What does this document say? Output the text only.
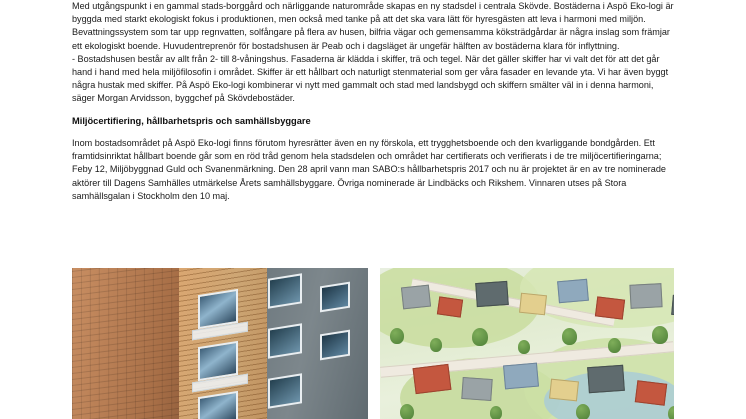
Med utgångspunkt i en gammal stads-borggård och närliggande naturområde skapas en ny stadsdel i centrala Skövde. Bostäderna i Aspö Eko-logi är byggda med starkt ekologiskt fokus i produktionen, men också med tanke på att det ska vara lätt för hyresgästen att leva i harmoni med miljön. Bevattningssystem som tar upp regnvatten, solfångare på flera av husen, bilfria vägar och gemensamma köksträdgårdar är några inslag som främjar ett ekologiskt boende. Huvudentreprenör för bostadshusen är Peab och i dagsläget är ungefär hälften av bostäderna klara för inflyttning.

- Bostadshusen består av allt från 2- till 8-våningshus. Fasaderna är klädda i skiffer, trä och tegel. När det gäller skiffer har vi valt det för att det går hand i hand med hela miljöfilosofin i området. Skiffer är ett hållbart och naturligt stenmaterial som ger våra fasader en levande yta. Vi har även byggt några hustak med skiffer. På Aspö Eko-logi kombinerar vi nytt med gammalt och stad med landsbygd och skiffern smälter väl in i denna harmoni, säger Morgan Arvidsson, byggchef på Skövdebostäder.

Miljöcertifiering, hållbarhetspris och samhällsbyggare

Inom bostadsområdet på Aspö Eko-logi finns förutom hyresrätter även en ny förskola, ett trygghetsboende och den kvarliggande bondgården. Ett framtidsinriktat hållbart boende går som en röd tråd genom hela stadsdelen och området har certifierats och verifierats i de tre miljöcertifieringarna; Feby 12, Miljöbyggnad Guld och Svanenmärkning. Den 28 april vann man SABO:s hållbarhetspris 2017 och nu är projektet är en av tre nominerade aktörer till Dagens Samhälles utmärkelse Årets samhällsbyggare. Övriga nominerade är Lindbäcks och Rikshem. Vinnaren utses på Stora samhällsgalan i Stockholm den 10 maj.
